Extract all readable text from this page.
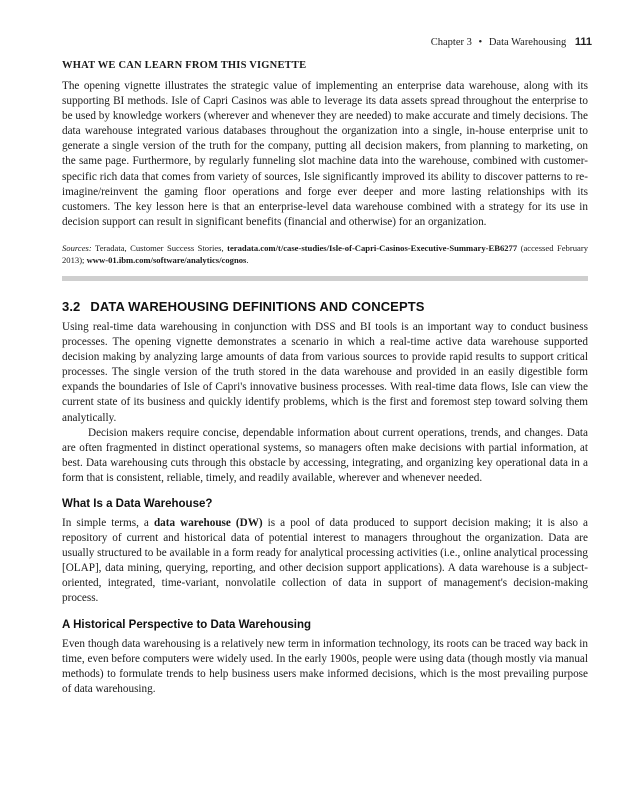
Chapter 3 • Data Warehousing 111
WHAT WE CAN LEARN FROM THIS VIGNETTE

The opening vignette illustrates the strategic value of implementing an enterprise data warehouse, along with its supporting BI methods. Isle of Capri Casinos was able to leverage its data assets spread throughout the enterprise to be used by knowledge workers (wherever and whenever they are needed) to make accurate and timely decisions. The data warehouse integrated various databases throughout the organization into a single, in-house enterprise unit to generate a single version of the truth for the company, putting all decision makers, from planning to marketing, on the same page. Furthermore, by regularly funneling slot machine data into the warehouse, combined with customer-specific rich data that comes from variety of sources, Isle significantly improved its ability to discover patterns to re-imagine/reinvent the gaming floor operations and forge ever deeper and more lasting relationships with its customers. The key lesson here is that an enterprise-level data warehouse combined with a strategy for its use in decision support can result in significant benefits (financial and otherwise) for an organization.

Sources: Teradata, Customer Success Stories, teradata.com/t/case-studies/Isle-of-Capri-Casinos-Executive-Summary-EB6277 (accessed February 2013); www-01.ibm.com/software/analytics/cognos.
3.2 DATA WAREHOUSING DEFINITIONS AND CONCEPTS

Using real-time data warehousing in conjunction with DSS and BI tools is an important way to conduct business processes. The opening vignette demonstrates a scenario in which a real-time active data warehouse supported decision making by analyzing large amounts of data from various sources to provide rapid results to support critical processes. The single version of the truth stored in the data warehouse and provided in an easily digestible form expands the boundaries of Isle of Capri's innovative business processes. With real-time data flows, Isle can view the current state of its business and quickly identify problems, which is the first and foremost step toward solving them analytically.

Decision makers require concise, dependable information about current operations, trends, and changes. Data are often fragmented in distinct operational systems, so managers often make decisions with partial information, at best. Data warehousing cuts through this obstacle by accessing, integrating, and organizing key operational data in a form that is consistent, reliable, timely, and readily available, wherever and whenever needed.

What Is a Data Warehouse?

In simple terms, a data warehouse (DW) is a pool of data produced to support decision making; it is also a repository of current and historical data of potential interest to managers throughout the organization. Data are usually structured to be available in a form ready for analytical processing activities (i.e., online analytical processing [OLAP], data mining, querying, reporting, and other decision support applications). A data warehouse is a subject-oriented, integrated, time-variant, nonvolatile collection of data in support of management's decision-making process.

A Historical Perspective to Data Warehousing

Even though data warehousing is a relatively new term in information technology, its roots can be traced way back in time, even before computers were widely used. In the early 1900s, people were using data (though mostly via manual methods) to formulate trends to help business users make informed decisions, which is the most prevailing purpose of data warehousing.
